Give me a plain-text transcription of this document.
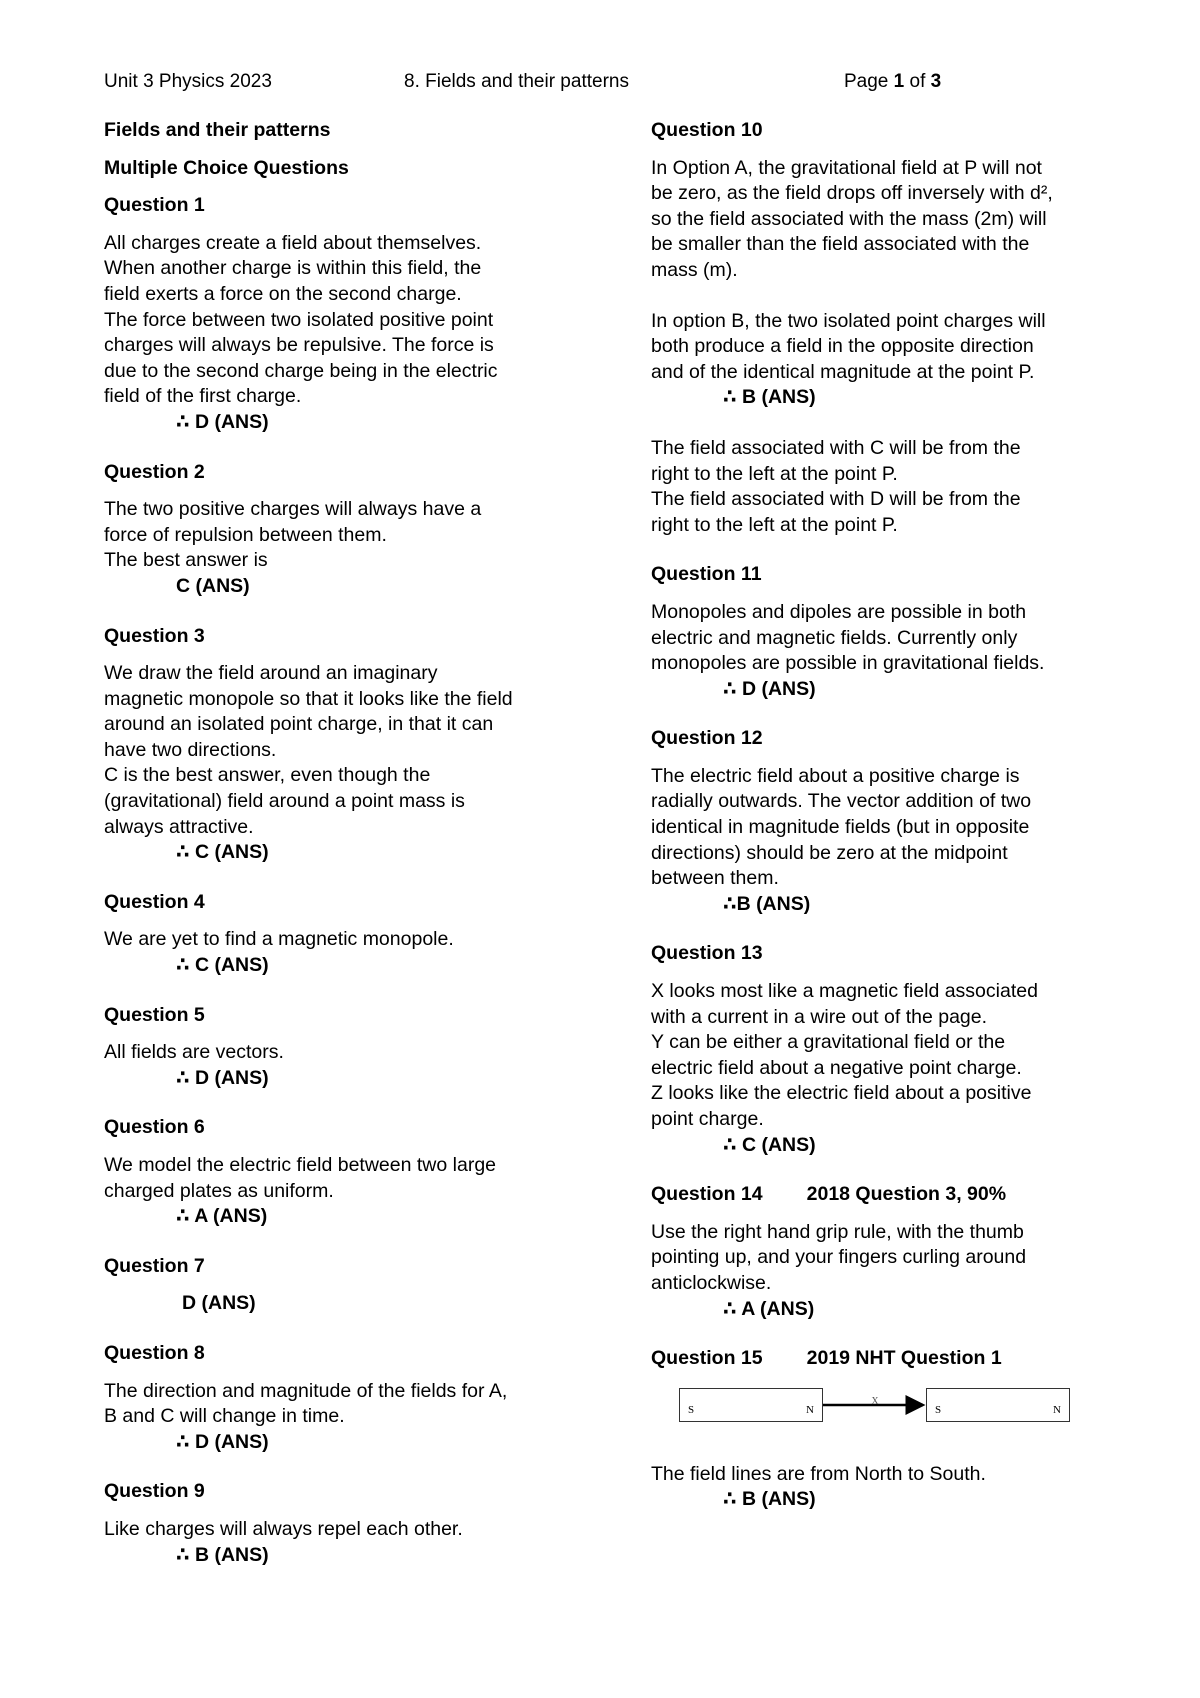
Unit 3 Physics 2023	8. Fields and their patterns	Page 1 of 3
Fields and their patterns
Multiple Choice Questions
Question 1
All charges create a field about themselves.
When another charge is within this field, the
field exerts a force on the second charge.
The force between two isolated positive point
charges will always be repulsive. The force is
due to the second charge being in the electric
field of the first charge.
∴ D (ANS)
Question 2
The two positive charges will always have a
force of repulsion between them.
The best answer is
C (ANS)
Question 3
We draw the field around an imaginary
magnetic monopole so that it looks like the field
around an isolated point charge, in that it can
have two directions.
C is the best answer, even though the
(gravitational) field around a point mass is
always attractive.
∴ C (ANS)
Question 4
We are yet to find a magnetic monopole.
∴ C (ANS)
Question 5
All fields are vectors.
∴ D (ANS)
Question 6
We model the electric field between two large
charged plates as uniform.
∴ A (ANS)
Question 7
D (ANS)
Question 8
The direction and magnitude of the fields for A,
B and C will change in time.
∴ D (ANS)
Question 9
Like charges will always repel each other.
∴ B (ANS)
Question 10
In Option A, the gravitational field at P will not
be zero, as the field drops off inversely with d²,
so the field associated with the mass (2m) will
be smaller than the field associated with the
mass (m).
In option B, the two isolated point charges will
both produce a field in the opposite direction
and of the identical magnitude at the point P.
∴ B (ANS)
The field associated with C will be from the
right to the left at the point P.
The field associated with D will be from the
right to the left at the point P.
Question 11
Monopoles and dipoles are possible in both
electric and magnetic fields. Currently only
monopoles are possible in gravitational fields.
∴ D (ANS)
Question 12
The electric field about a positive charge is
radially outwards. The vector addition of two
identical in magnitude fields (but in opposite
directions) should be zero at the midpoint
between them.
∴B (ANS)
Question 13
X looks most like a magnetic field associated
with a current in a wire out of the page.
Y can be either a gravitational field or the
electric field about a negative point charge.
Z looks like the electric field about a positive
point charge.
∴ C (ANS)
Question 14 2018 Question 3, 90%
Use the right hand grip rule, with the thumb
pointing up, and your fingers curling around
anticlockwise.
∴ A (ANS)
Question 15 2019 NHT Question 1
S	N
X
S	N
The field lines are from North to South.
∴ B (ANS)
